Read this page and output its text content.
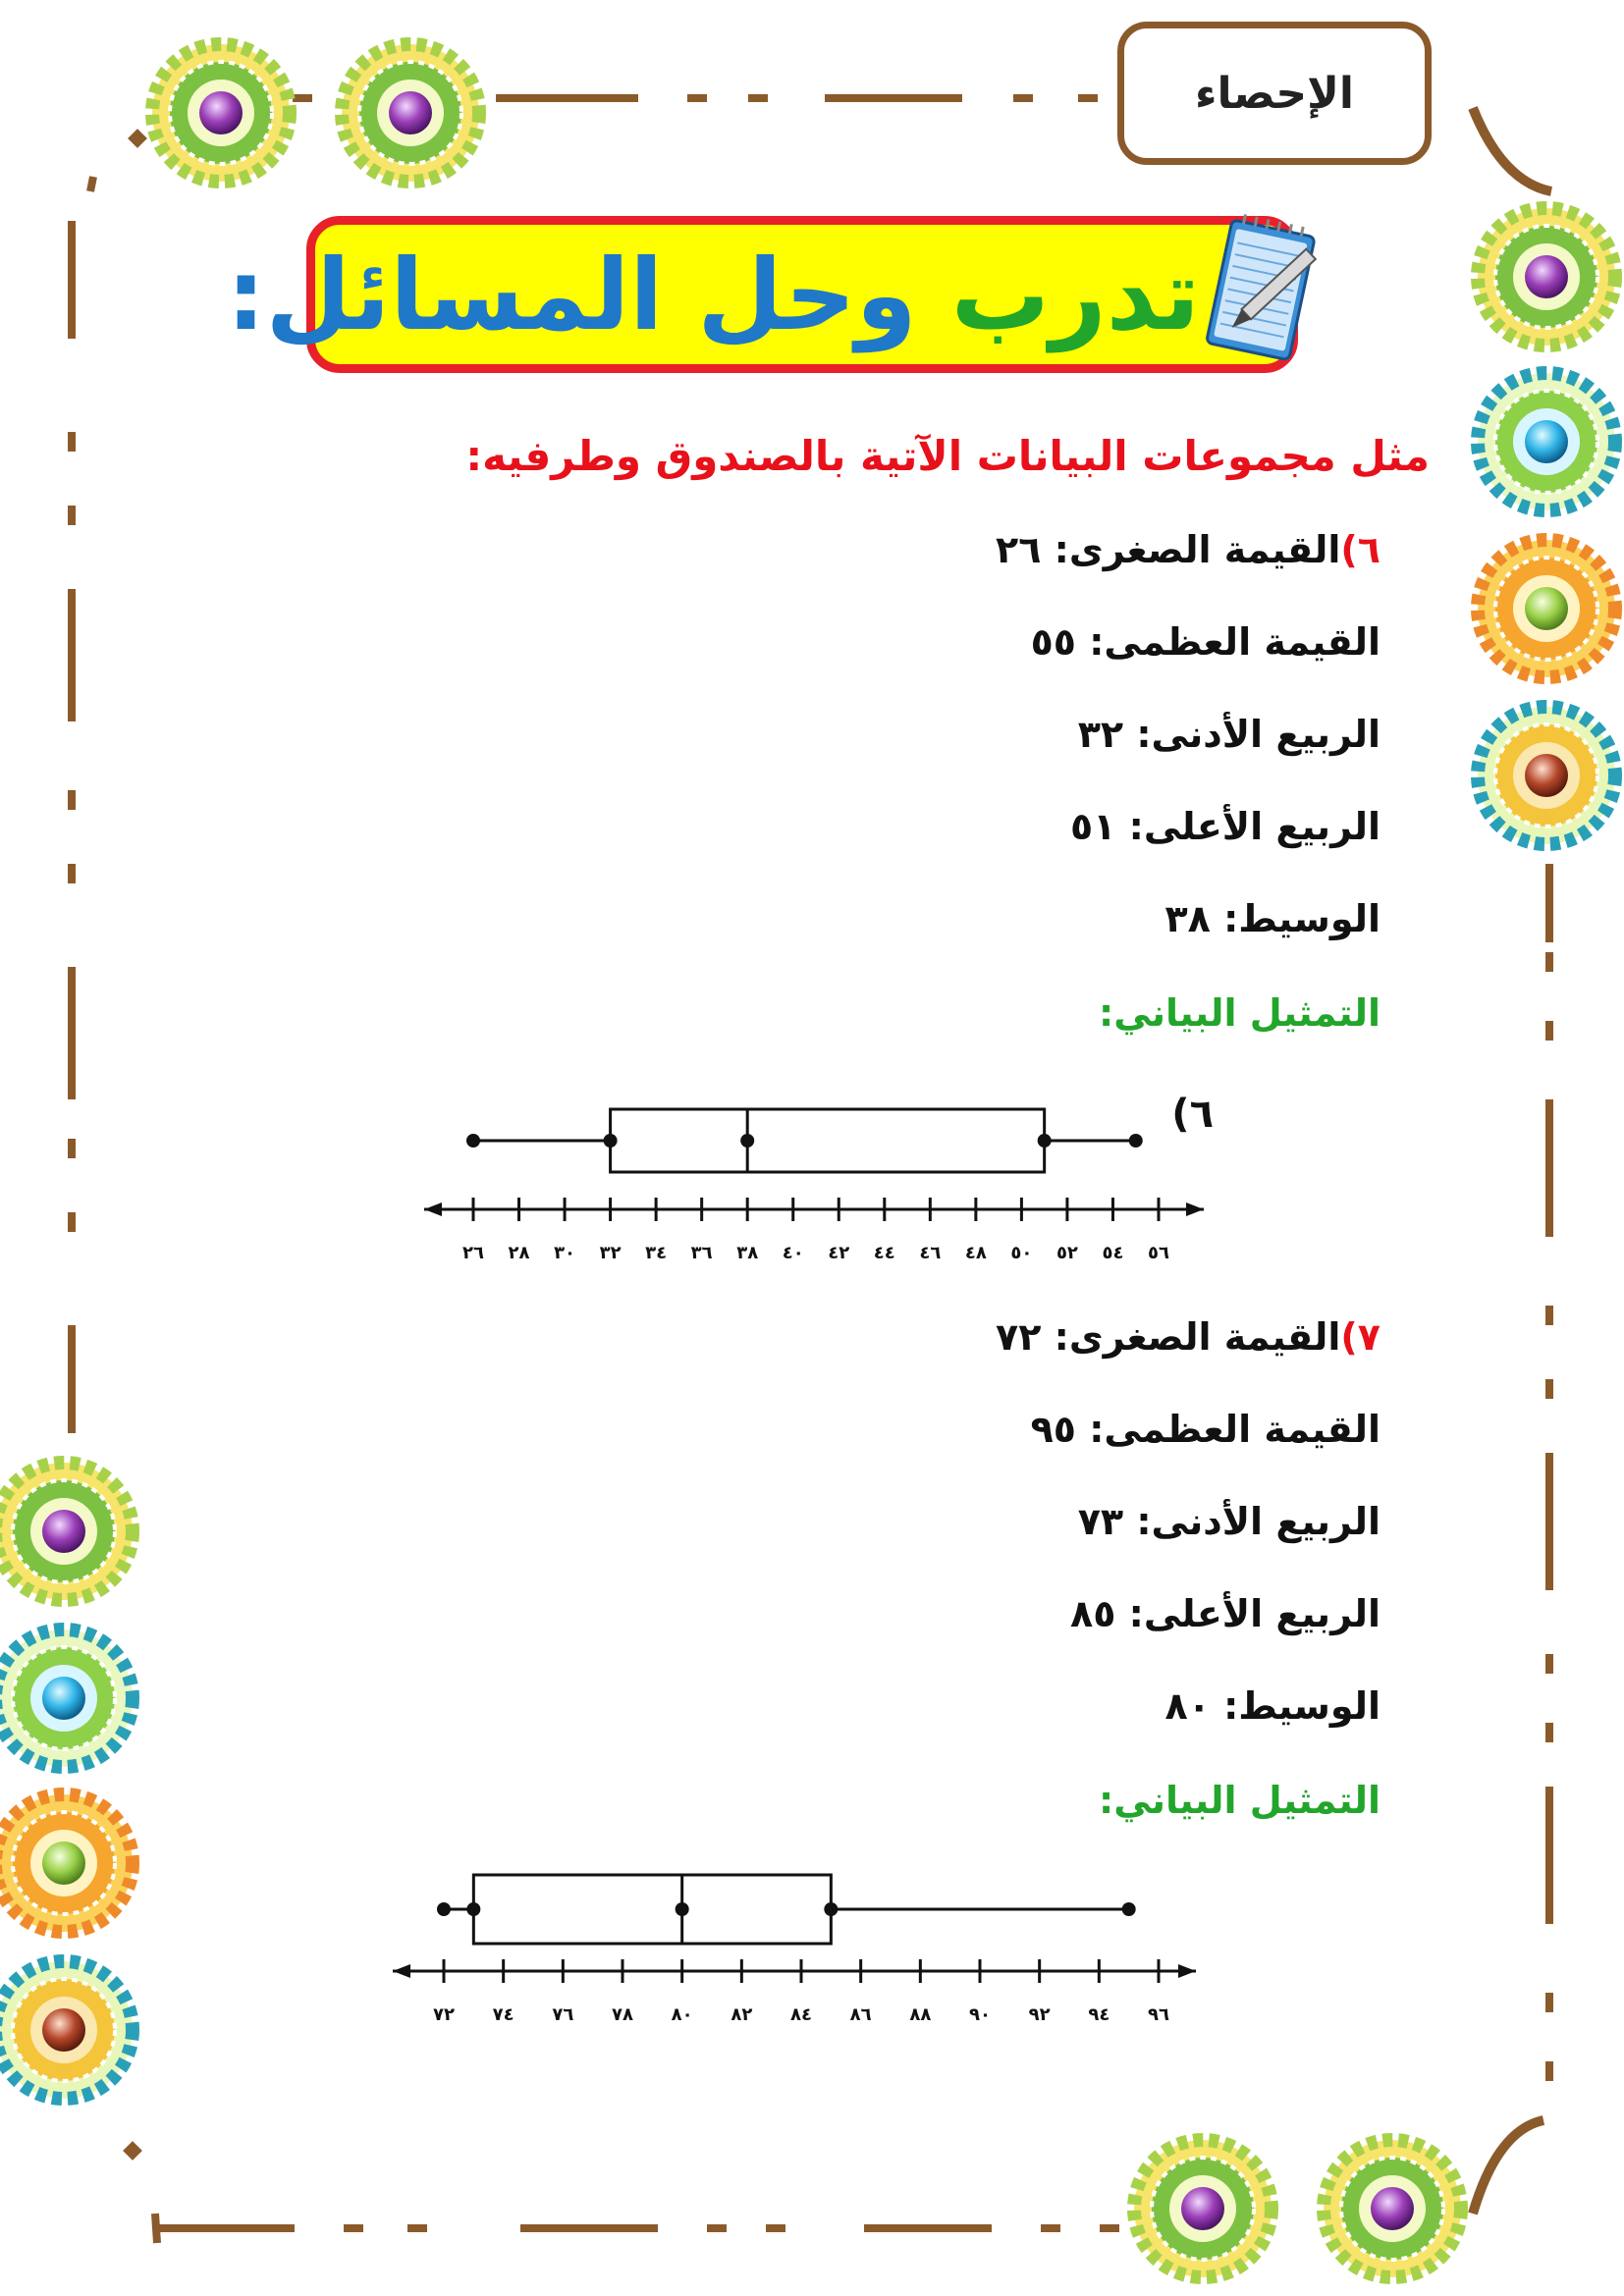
الإحصاء
تدرب وحل المسائل:
مثل مجموعات البيانات الآتية بالصندوق وطرفيه:
٦)القيمة الصغرى: ٢٦
القيمة العظمى: ٥٥
الربيع الأدنى: ٣٢
الربيع الأعلى: ٥١
الوسيط: ٣٨
التمثيل البياني:
٦)
٢٦ ٢٨ ٣٠ ٣٢ ٣٤ ٣٦ ٣٨ ٤٠ ٤٢ ٤٤ ٤٦ ٤٨ ٥٠ ٥٢ ٥٤ ٥٦
٧)القيمة الصغرى: ٧٢
القيمة العظمى: ٩٥
الربيع الأدنى: ٧٣
الربيع الأعلى: ٨٥
الوسيط: ٨٠
التمثيل البياني:
٧٢ ٧٤ ٧٦ ٧٨ ٨٠ ٨٢ ٨٤ ٨٦ ٨٨ ٩٠ ٩٢ ٩٤ ٩٦
